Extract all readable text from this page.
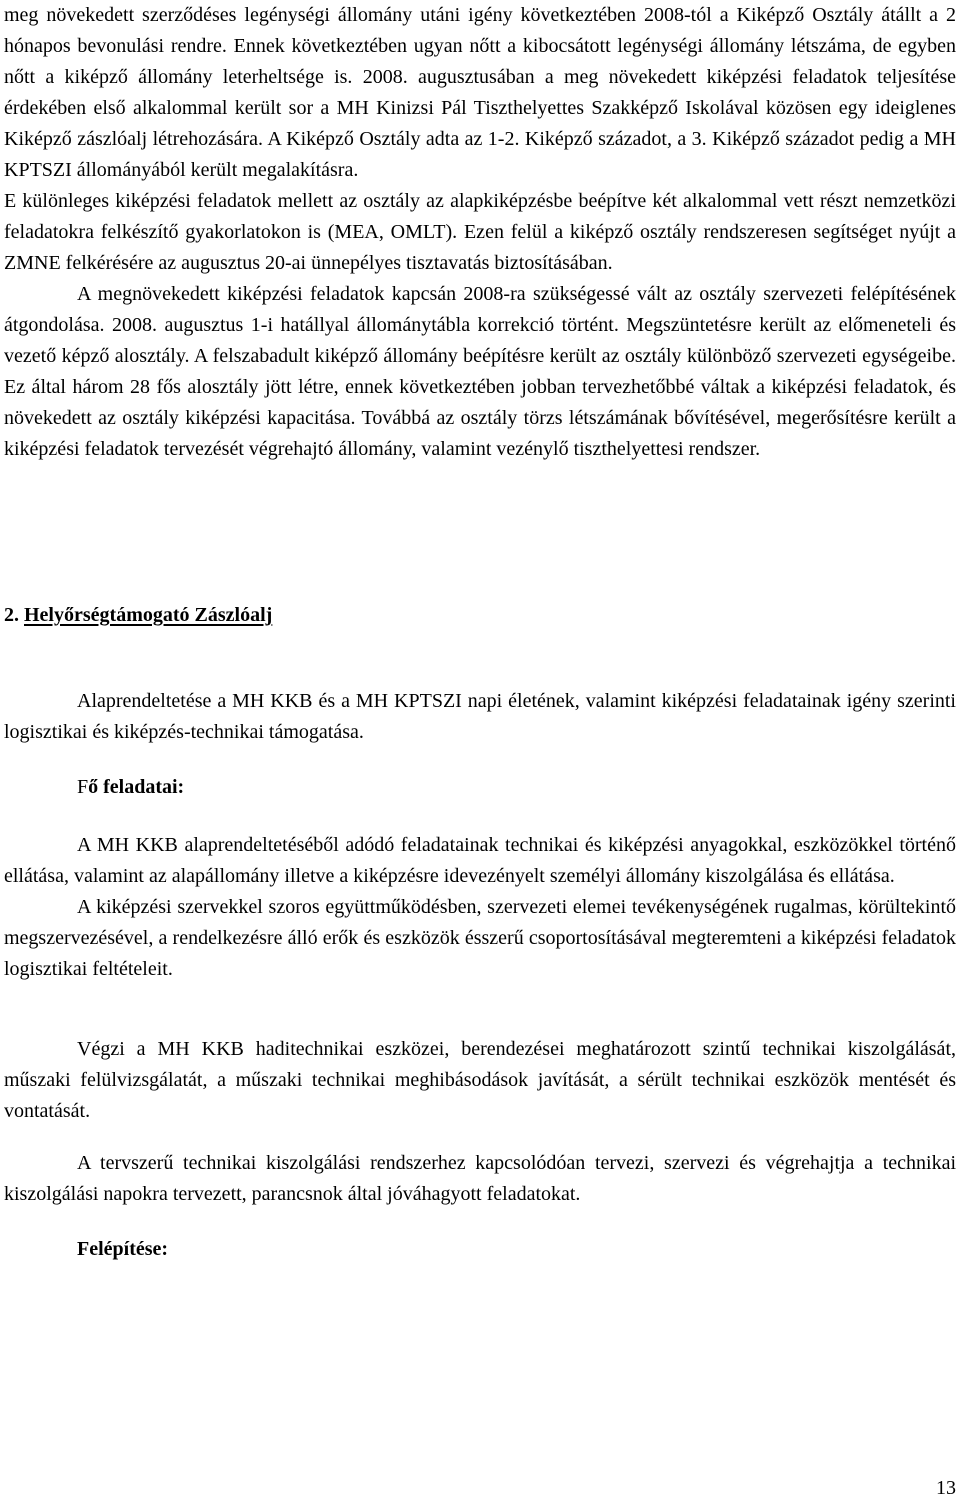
meg növekedett szerződéses legénységi állomány utáni igény következtében 2008-tól a Kiképző Osztály átállt a 2 hónapos bevonulási rendre. Ennek következtében ugyan nőtt a kibocsátott legénységi állomány létszáma, de egyben nőtt a kiképző állomány leterheltsége is. 2008. augusztusában a meg növekedett kiképzési feladatok teljesítése érdekében első alkalommal került sor a MH Kinizsi Pál Tiszthelyettes Szakképző Iskolával közösen egy ideiglenes Kiképző zászlóalj létrehozására. A Kiképző Osztály adta az 1-2. Kiképző századot, a 3. Kiképző századot pedig a MH KPTSZI állományából került megalakításra.

E különleges kiképzési feladatok mellett az osztály az alapkiképzésbe beépítve két alkalommal vett részt nemzetközi feladatokra felkészítő gyakorlatokon is (MEA, OMLT). Ezen felül a kiképző osztály rendszeresen segítséget nyújt a ZMNE felkérésére az augusztus 20-ai ünnepélyes tisztavatás biztosításában.

A megnövekedett kiképzési feladatok kapcsán 2008-ra szükségessé vált az osztály szervezeti felépítésének átgondolása. 2008. augusztus 1-i hatállyal állománytábla korrekció történt. Megszüntetésre került az előmeneteli és vezető képző alosztály. A felszabadult kiképző állomány beépítésre került az osztály különböző szervezeti egységeibe. Ez által három 28 fős alosztály jött létre, ennek következtében jobban tervezhetőbbé váltak a kiképzési feladatok, és növekedett az osztály kiképzési kapacitása. Továbbá az osztály törzs létszámának bővítésével, megerősítésre került a kiképzési feladatok tervezését végrehajtó állomány, valamint vezénylő tiszthelyettesi rendszer.

2. Helyőrségtámogató Zászlóalj

Alaprendeltetése a MH KKB és a MH KPTSZI napi életének, valamint kiképzési feladatainak igény szerinti logisztikai és kiképzés-technikai támogatása.

Fő feladatai:

A MH KKB alaprendeltetéséből adódó feladatainak technikai és kiképzési anyagokkal, eszközökkel történő ellátása, valamint az alapállomány illetve a kiképzésre idevezényelt személyi állomány kiszolgálása és ellátása.

A kiképzési szervekkel szoros együttműködésben, szervezeti elemei tevékenységének rugalmas, körültekintő megszervezésével, a rendelkezésre álló erők és eszközök ésszerű csoportosításával megteremteni a kiképzési feladatok logisztikai feltételeit.

Végzi a MH KKB haditechnikai eszközei, berendezései meghatározott szintű technikai kiszolgálását, műszaki felülvizsgálatát, a műszaki technikai meghibásodások javítását, a sérült technikai eszközök mentését és vontatását.

A tervszerű technikai kiszolgálási rendszerhez kapcsolódóan tervezi, szervezi és végrehajtja a technikai kiszolgálási napokra tervezett, parancsnok által jóváhagyott feladatokat.

Felépítése:
13
